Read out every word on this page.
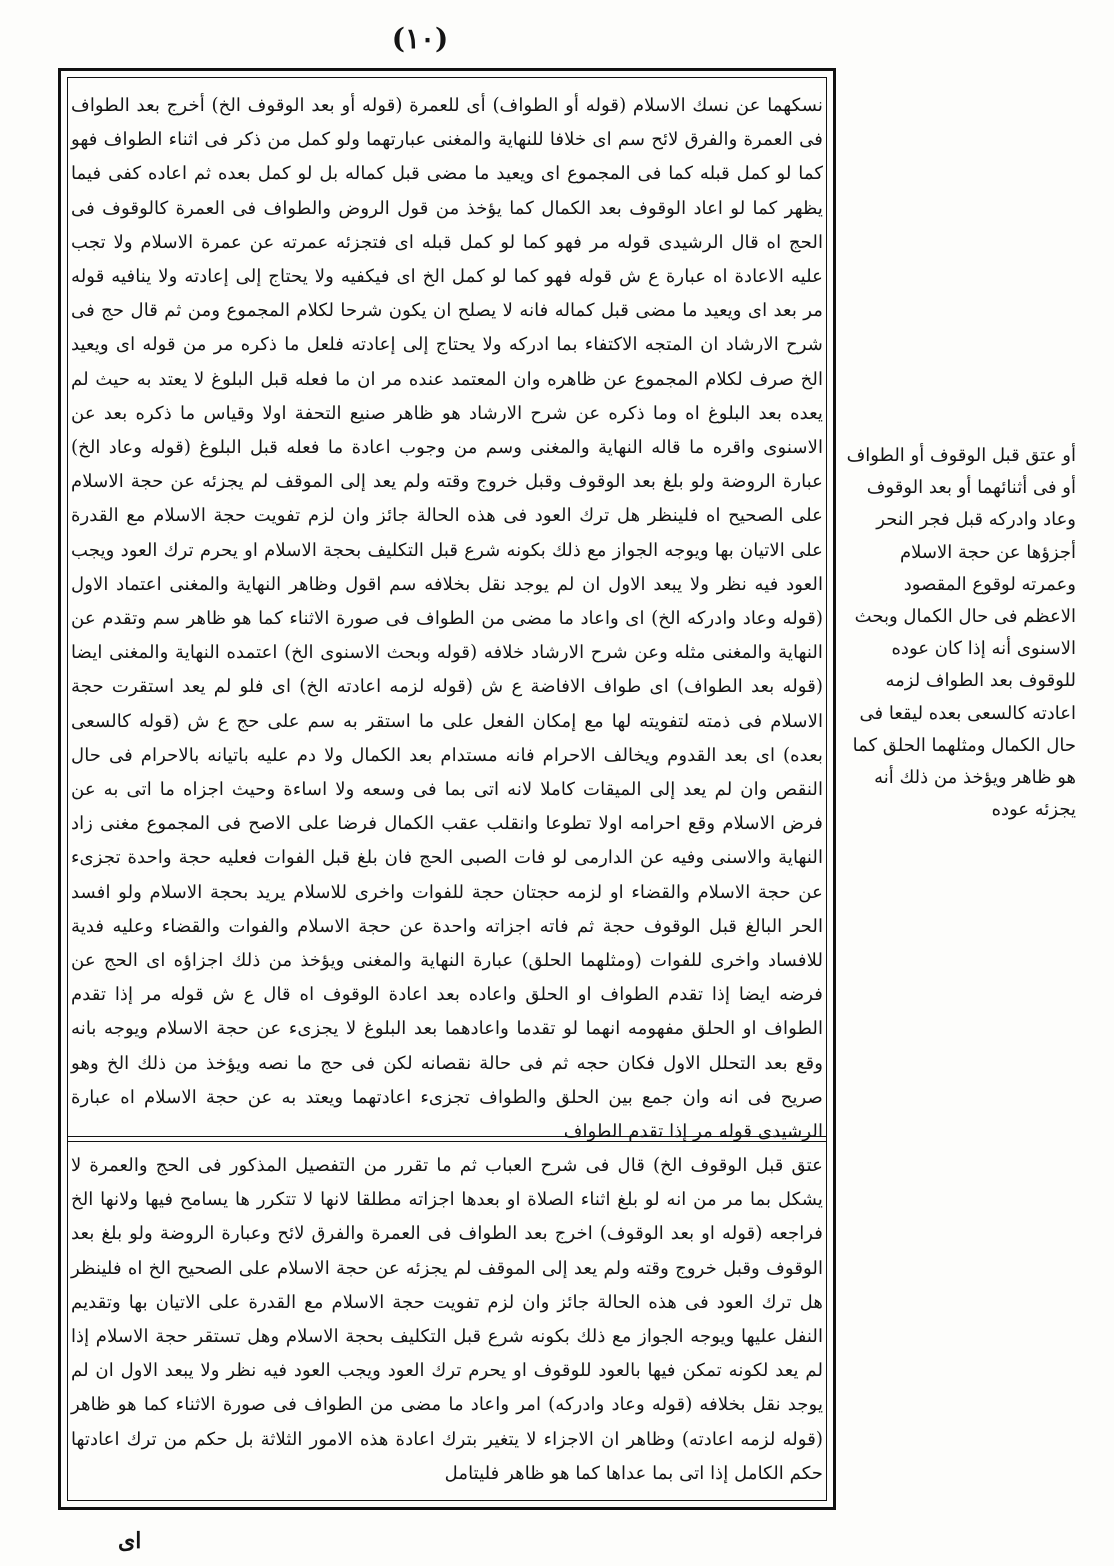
(١٠)

نسكهما عن نسك الاسلام (قوله أو الطواف) أى للعمرة (قوله أو بعد الوقوف الخ) أخرج بعد الطواف فى العمرة والفرق لائح سم اى خلافا للنهاية والمغنى عبارتهما ولو كمل من ذكر فى اثناء الطواف فهو كما لو كمل قبله كما فى المجموع اى ويعيد ما مضى قبل كماله بل لو كمل بعده ثم اعاده كفى فيما يظهر كما لو اعاد الوقوف بعد الكمال كما يؤخذ من قول الروض والطواف فى العمرة كالوقوف فى الحج اه قال الرشيدى قوله مر فهو كما لو كمل قبله اى فتجزئه عمرته عن عمرة الاسلام ولا تجب عليه الاعادة اه عبارة ع ش قوله فهو كما لو كمل الخ اى فيكفيه ولا يحتاج إلى إعادته ولا ينافيه قوله مر بعد اى ويعيد ما مضى قبل كماله فانه لا يصلح ان يكون شرحا لكلام المجموع ومن ثم قال حج فى شرح الارشاد ان المتجه الاكتفاء بما ادركه ولا يحتاج إلى إعادته فلعل ما ذكره مر من قوله اى ويعيد الخ صرف لكلام المجموع عن ظاهره وان المعتمد عنده مر ان ما فعله قبل البلوغ لا يعتد به حيث لم يعده بعد البلوغ اه وما ذكره عن شرح الارشاد هو ظاهر صنيع التحفة اولا وقياس ما ذكره بعد عن الاسنوى واقره ما قاله النهاية والمغنى وسم من وجوب اعادة ما فعله قبل البلوغ (قوله وعاد الخ) عبارة الروضة ولو بلغ بعد الوقوف وقبل خروج وقته ولم يعد إلى الموقف لم يجزئه عن حجة الاسلام على الصحيح اه فلينظر هل ترك العود فى هذه الحالة جائز وان لزم تفويت حجة الاسلام مع القدرة على الاتيان بها ويوجه الجواز مع ذلك بكونه شرع قبل التكليف بحجة الاسلام او يحرم ترك العود ويجب العود فيه نظر ولا يبعد الاول ان لم يوجد نقل بخلافه سم اقول وظاهر النهاية والمغنى اعتماد الاول (قوله وعاد وادركه الخ) اى واعاد ما مضى من الطواف فى صورة الاثناء كما هو ظاهر سم وتقدم عن النهاية والمغنى مثله وعن شرح الارشاد خلافه (قوله وبحث الاسنوى الخ) اعتمده النهاية والمغنى ايضا (قوله بعد الطواف) اى طواف الافاضة ع ش (قوله لزمه اعادته الخ) اى فلو لم يعد استقرت حجة الاسلام فى ذمته لتفويته لها مع إمكان الفعل على ما استقر به سم على حج ع ش (قوله كالسعى بعده) اى بعد القدوم ويخالف الاحرام فانه مستدام بعد الكمال ولا دم عليه باتيانه بالاحرام فى حال النقص وان لم يعد إلى الميقات كاملا لانه اتى بما فى وسعه ولا اساءة وحيث اجزاه ما اتى به عن فرض الاسلام وقع احرامه اولا تطوعا وانقلب عقب الكمال فرضا على الاصح فى المجموع مغنى زاد النهاية والاسنى وفيه عن الدارمى لو فات الصبى الحج فان بلغ قبل الفوات فعليه حجة واحدة تجزىء عن حجة الاسلام والقضاء او لزمه حجتان حجة للفوات واخرى للاسلام يريد بحجة الاسلام ولو افسد الحر البالغ قبل الوقوف حجة ثم فاته اجزاته واحدة عن حجة الاسلام والفوات والقضاء وعليه فدية للافساد واخرى للفوات (ومثلهما الحلق) عبارة النهاية والمغنى ويؤخذ من ذلك اجزاؤه اى الحج عن فرضه ايضا إذا تقدم الطواف او الحلق واعاده بعد اعادة الوقوف اه قال ع ش قوله مر إذا تقدم الطواف او الحلق مفهومه انهما لو تقدما واعادهما بعد البلوغ لا يجزىء عن حجة الاسلام ويوجه بانه وقع بعد التحلل الاول فكان حجه ثم فى حالة نقصانه لكن فى حج ما نصه ويؤخذ من ذلك الخ وهو صريح فى انه وان جمع بين الحلق والطواف تجزىء اعادتهما ويعتد به عن حجة الاسلام اه عبارة الرشيدى قوله مر إذا تقدم الطواف

عتق قبل الوقوف الخ) قال فى شرح العباب ثم ما تقرر من التفصيل المذكور فى الحج والعمرة لا يشكل بما مر من انه لو بلغ اثناء الصلاة او بعدها اجزاته مطلقا لانها لا تتكرر ها يسامح فيها ولانها الخ فراجعه (قوله او بعد الوقوف) اخرج بعد الطواف فى العمرة والفرق لائح وعبارة الروضة ولو بلغ بعد الوقوف وقبل خروج وقته ولم يعد إلى الموقف لم يجزئه عن حجة الاسلام على الصحيح الخ اه فلينظر هل ترك العود فى هذه الحالة جائز وان لزم تفويت حجة الاسلام مع القدرة على الاتيان بها وتقديم النفل عليها ويوجه الجواز مع ذلك بكونه شرع قبل التكليف بحجة الاسلام وهل تستقر حجة الاسلام إذا لم يعد لكونه تمكن فيها بالعود للوقوف او يحرم ترك العود ويجب العود فيه نظر ولا يبعد الاول ان لم يوجد نقل بخلافه (قوله وعاد وادركه) امر واعاد ما مضى من الطواف فى صورة الاثناء كما هو ظاهر (قوله لزمه اعادته) وظاهر ان الاجزاء لا يتغير بترك اعادة هذه الامور الثلاثة بل حكم من ترك اعادتها حكم الكامل إذا اتى بما عداها كما هو ظاهر فليتامل

أو عتق قبل الوقوف أو الطواف أو فى أثنائهما أو بعد الوقوف وعاد وادركه قبل فجر النحر أجزؤها عن حجة الاسلام وعمرته لوقوع المقصود الاعظم فى حال الكمال وبحث الاسنوى أنه إذا كان عوده للوقوف بعد الطواف لزمه اعادته كالسعى بعده ليقعا فى حال الكمال ومثلهما الحلق كما هو ظاهر ويؤخذ من ذلك أنه يجزئه عوده

اى
